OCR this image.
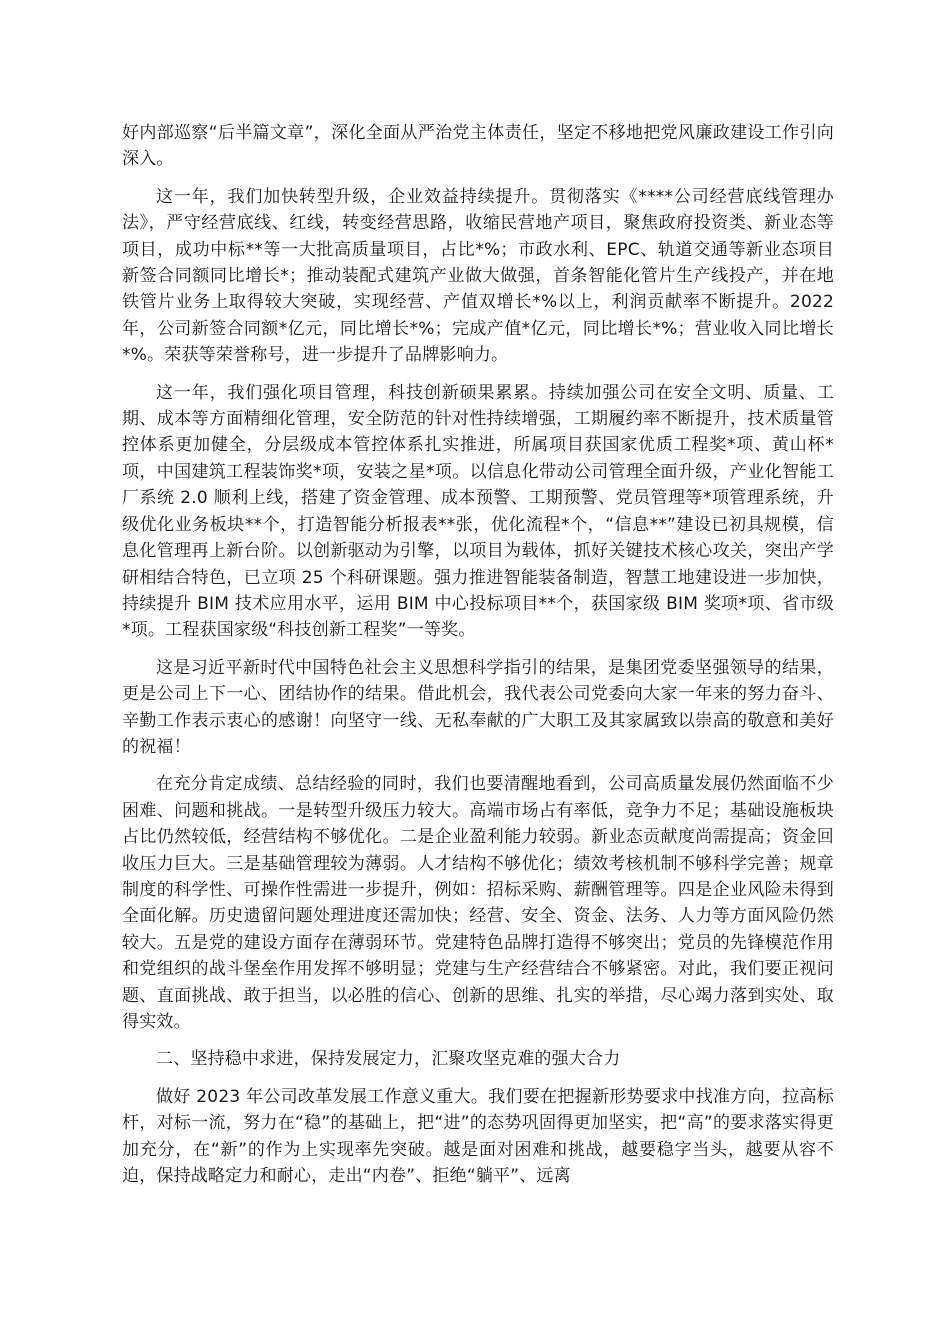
好内部巡察“后半篇文章”，深化全面从严治党主体责任，坚定不移地把党风廉政建设工作引向深入。

这一年，我们加快转型升级，企业效益持续提升。贯彻落实《****公司经营底线管理办法》，严守经营底线、红线，转变经营思路，收缩民营地产项目，聚焦政府投资类、新业态等项目，成功中标**等一大批高质量项目，占比*%；市政水利、EPC、轨道交通等新业态项目新签合同额同比增长*；推动装配式建筑产业做大做强，首条智能化管片生产线投产，并在地铁管片业务上取得较大突破，实现经营、产值双增长*%以上，利润贡献率不断提升。2022 年，公司新签合同额*亿元，同比增长*%；完成产值*亿元，同比增长*%；营业收入同比增长*%。荣获等荣誉称号，进一步提升了品牌影响力。

这一年，我们强化项目管理，科技创新硕果累累。持续加强公司在安全文明、质量、工期、成本等方面精细化管理，安全防范的针对性持续增强，工期履约率不断提升，技术质量管控体系更加健全，分层级成本管控体系扎实推进，所属项目获国家优质工程奖*项、黄山杯*项，中国建筑工程装饰奖*项，安装之星*项。以信息化带动公司管理全面升级，产业化智能工厂系统 2.0 顺利上线，搭建了资金管理、成本预警、工期预警、党员管理等*项管理系统，升级优化业务板块**个，打造智能分析报表**张，优化流程*个，“信息**”建设已初具规模，信息化管理再上新台阶。以创新驱动为引擎，以项目为载体，抓好关键技术核心攻关，突出产学研相结合特色，已立项 25 个科研课题。强力推进智能装备制造，智慧工地建设进一步加快，持续提升 BIM 技术应用水平，运用 BIM 中心投标项目**个，获国家级 BIM 奖项*项、省市级*项。工程获国家级“科技创新工程奖”一等奖。

这是习近平新时代中国特色社会主义思想科学指引的结果，是集团党委坚强领导的结果，更是公司上下一心、团结协作的结果。借此机会，我代表公司党委向大家一年来的努力奋斗、辛勤工作表示衷心的感谢！向坚守一线、无私奉献的广大职工及其家属致以崇高的敬意和美好的祝福！

在充分肯定成绩、总结经验的同时，我们也要清醒地看到，公司高质量发展仍然面临不少困难、问题和挑战。一是转型升级压力较大。高端市场占有率低，竞争力不足；基础设施板块占比仍然较低，经营结构不够优化。二是企业盈利能力较弱。新业态贡献度尚需提高；资金回收压力巨大。三是基础管理较为薄弱。人才结构不够优化；绩效考核机制不够科学完善；规章制度的科学性、可操作性需进一步提升，例如：招标采购、薪酬管理等。四是企业风险未得到全面化解。历史遗留问题处理进度还需加快；经营、安全、资金、法务、人力等方面风险仍然较大。五是党的建设方面存在薄弱环节。党建特色品牌打造得不够突出；党员的先锋模范作用和党组织的战斗堡垒作用发挥不够明显；党建与生产经营结合不够紧密。对此，我们要正视问题、直面挑战、敢于担当，以必胜的信心、创新的思维、扎实的举措，尽心竭力落到实处、取得实效。

二、坚持稳中求进，保持发展定力，汇聚攻坚克难的强大合力

做好 2023 年公司改革发展工作意义重大。我们要在把握新形势要求中找准方向，拉高标杆，对标一流，努力在“稳”的基础上，把“进”的态势巩固得更加坚实，把“高”的要求落实得更加充分，在“新”的作为上实现率先突破。越是面对困难和挑战，越要稳字当头，越要从容不迫，保持战略定力和耐心，走出“内卷”、拒绝“躺平”、远离
